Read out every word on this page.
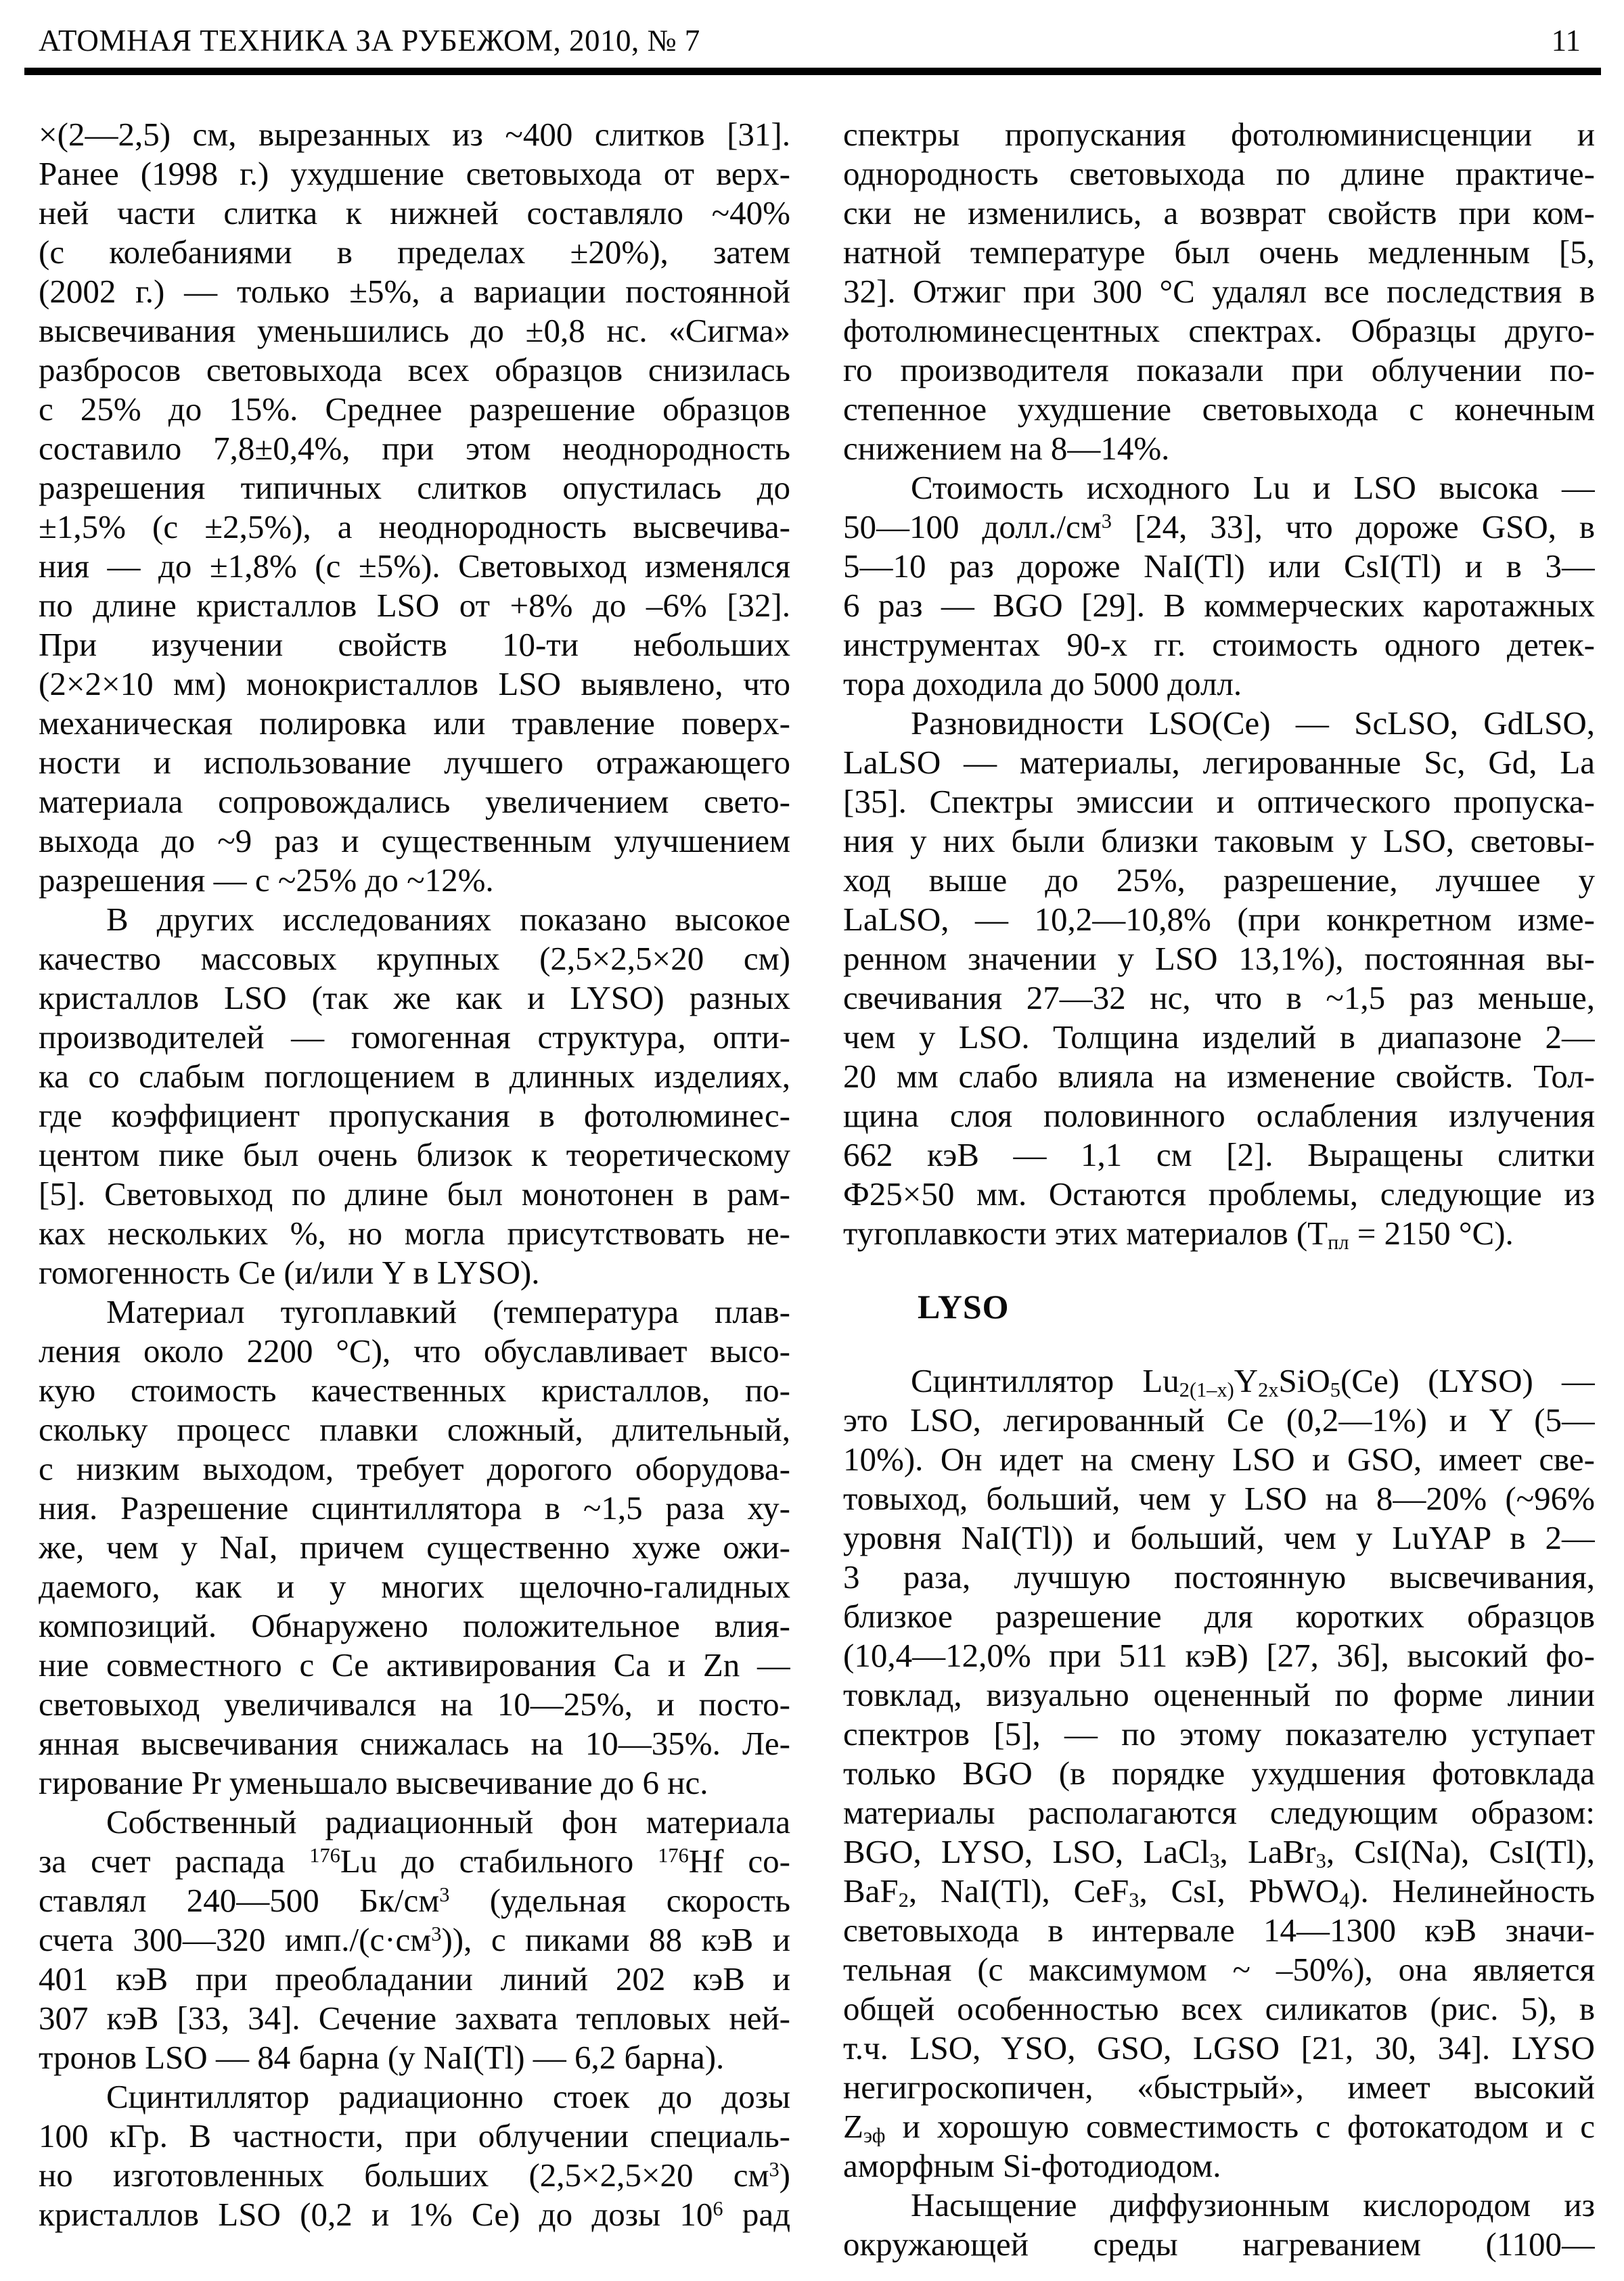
АТОМНАЯ ТЕХНИКА ЗА РУБЕЖОМ, 2010, № 7	11
×(2—2,5) см, вырезанных из ~400 слитков [31].
Ранее (1998 г.) ухудшение световыхода от верх-
ней части слитка к нижней составляло ~40%
(с колебаниями в пределах ±20%), затем
(2002 г.) — только ±5%, а вариации постоянной
высвечивания уменьшились до ±0,8 нс. «Сигма»
разбросов световыхода всех образцов снизилась
с 25% до 15%. Среднее разрешение образцов
составило 7,8±0,4%, при этом неоднородность
разрешения типичных слитков опустилась до
±1,5% (с ±2,5%), а неоднородность высвечива-
ния — до ±1,8% (с ±5%). Световыход изменялся
по длине кристаллов LSO от +8% до –6% [32].
При изучении свойств 10-ти небольших
(2×2×10 мм) монокристаллов LSO выявлено, что
механическая полировка или травление поверх-
ности и использование лучшего отражающего
материала сопровождались увеличением свето-
выхода до ~9 раз и существенным улучшением
разрешения — с ~25% до ~12%.
В других исследованиях показано высокое
качество массовых крупных (2,5×2,5×20 см)
кристаллов LSO (так же как и LYSO) разных
производителей — гомогенная структура, опти-
ка со слабым поглощением в длинных изделиях,
где коэффициент пропускания в фотолюминес-
центом пике был очень близок к теоретическому
[5]. Световыход по длине был монотонен в рам-
ках нескольких %, но могла присутствовать не-
гомогенность Се (и/или Y в LYSO).
Материал тугоплавкий (температура плав-
ления около 2200 °С), что обуславливает высо-
кую стоимость качественных кристаллов, по-
скольку процесс плавки сложный, длительный,
с низким выходом, требует дорогого оборудова-
ния. Разрешение сцинтиллятора в ~1,5 раза ху-
же, чем у NaI, причем существенно хуже ожи-
даемого, как и у многих щелочно-галидных
композиций. Обнаружено положительное влия-
ние совместного с Се активирования Са и Zn —
световыход увеличивался на 10—25%, и посто-
янная высвечивания снижалась на 10—35%. Ле-
гирование Pr уменьшало высвечивание до 6 нс.
Собственный радиационный фон материала
за счет распада $^{176}$Lu до стабильного $^{176}$Hf со-
ставлял 240—500 $Бк/см^3$ (удельная скорость
счета 300—320 $имп./(с\cdot см^3)$), с пиками 88 кэВ и
401 кэВ при преобладании линий 202 кэВ и
307 кэВ [33, 34]. Сечение захвата тепловых ней-
тронов LSO — 84 барна (у NaI(Tl) — 6,2 барна).
Сцинтиллятор радиационно стоек до дозы
100 кГр. В частности, при облучении специаль-
но изготовленных больших (2,5×2,5×20 $см^3$)
кристаллов LSO (0,2 и 1% Се) до дозы $10^6$ рад
спектры пропускания фотолюминисценции и
однородность световыхода по длине практиче-
ски не изменились, а возврат свойств при ком-
натной температуре был очень медленным [5,
32]. Отжиг при 300 °С удалял все последствия в
фотолюминесцентных спектрах. Образцы друго-
го производителя показали при облучении по-
степенное ухудшение световыхода с конечным
снижением на 8—14%.
Стоимость исходного Lu и LSO высока —
50—100 $долл./см^3$ [24, 33], что дороже GSO, в
5—10 раз дороже NaI(Tl) или CsI(Tl) и в 3—
6 раз — BGO [29]. В коммерческих каротажных
инструментах 90-х гг. стоимость одного детек-
тора доходила до 5000 долл.
Разновидности LSO(Ce) — ScLSO, GdLSO,
LaLSO — материалы, легированные Sc, Gd, La
[35]. Спектры эмиссии и оптического пропуска-
ния у них были близки таковым у LSO, световы-
ход выше до 25%, разрешение, лучшее у
LaLSO, — 10,2—10,8% (при конкретном изме-
ренном значении у LSO 13,1%), постоянная вы-
свечивания 27—32 нс, что в ~1,5 раз меньше,
чем у LSO. Толщина изделий в диапазоне 2—
20 мм слабо влияла на изменение свойств. Тол-
щина слоя половинного ослабления излучения
662 кэВ — 1,1 см [2]. Выращены слитки
Ф25×50 мм. Остаются проблемы, следующие из
тугоплавкости этих материалов ($Т_{пл} = 2150$ °С).
LYSO
Сцинтиллятор $Lu_{2(1-x)}Y_{2x}SiO_5(Ce)$ (LYSO) —
это LSO, легированный Се (0,2—1%) и Y (5—
10%). Он идет на смену LSO и GSO, имеет све-
товыход, больший, чем у LSO на 8—20% (~96%
уровня NaI(Tl)) и больший, чем у LuYAP в 2—
3 раза, лучшую постоянную высвечивания,
близкое разрешение для коротких образцов
(10,4—12,0% при 511 кэВ) [27, 36], высокий фо-
товклад, визуально оцененный по форме линии
спектров [5], — по этому показателю уступает
только BGO (в порядке ухудшения фотовклада
материалы располагаются следующим образом:
BGO, LYSO, LSO, LaCl$_3$, LaBr$_3$, CsI(Na), CsI(Tl),
BaF$_2$, NaI(Tl), CeF$_3$, CsI, PbWO$_4$). Нелинейность
световыхода в интервале 14—1300 кэВ значи-
тельная (с максимумом ~ –50%), она является
общей особенностью всех силикатов (рис. 5), в
т.ч. LSO, YSO, GSO, LGSO [21, 30, 34]. LYSO
негигроскопичен, «быстрый», имеет высокий
$Z_{эф}$ и хорошую совместимость с фотокатодом и с
аморфным Si-фотодиодом.
Насыщение диффузионным кислородом из
окружающей среды нагреванием (1100—
